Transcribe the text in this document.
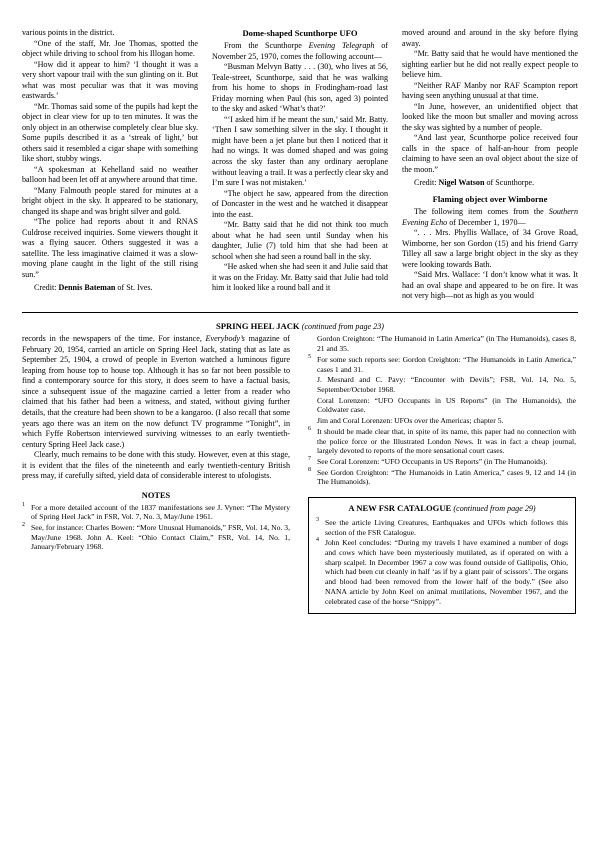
various points in the district.

“One of the staff, Mr. Joe Thomas, spotted the object while driving to school from his Illogan home.

“How did it appear to him? ‘I thought it was a very short vapour trail with the sun glinting on it. But what was most peculiar was that it was moving eastwards.’

“Mr. Thomas said some of the pupils had kept the object in clear view for up to ten minutes. It was the only object in an otherwise completely clear blue sky. Some pupils described it as a ‘streak of light,’ but others said it resembled a cigar shape with something like short, stubby wings.

“A spokesman at Kehelland said no weather balloon had been let off at anywhere around that time.

“Many Falmouth people stared for minutes at a bright object in the sky. It appeared to be stationary, changed its shape and was bright silver and gold.

“The police had reports about it and RNAS Culdrose received inquiries. Some viewers thought it was a flying saucer. Others suggested it was a satellite. The less imaginative claimed it was a slow-moving plane caught in the light of the still rising sun.”

Credit: Dennis Bateman of St. Ives.

Dome-shaped Scunthorpe UFO

From the Scunthorpe Evening Telegraph of November 25, 1970, comes the following account—

“Busman Melvyn Batty . . . (30), who lives at 56, Teale-street, Scunthorpe, said that he was walking from his home to shops in Frodingham-road last Friday morning when Paul (his son, aged 3) pointed to the sky and asked ‘What’s that?’

“‘I asked him if he meant the sun,’ said Mr. Batty. ‘Then I saw something silver in the sky. I thought it might have been a jet plane but then I noticed that it had no wings. It was domed shaped and was going across the sky faster than any ordinary aeroplane without leaving a trail. It was a perfectly clear sky and I’m sure I was not mistaken.’

“The object he saw, appeared from the direction of Doncaster in the west and he watched it disappear into the east.

“Mr. Batty said that he did not think too much about what he had seen until Sunday when his daughter, Julie (7) told him that she had been at school when she had seen a round ball in the sky.

“He asked when she had seen it and Julie said that it was on the Friday. Mr. Batty said that Julie had told him it looked like a round ball and it

moved around and around in the sky before flying away.

“Mr. Batty said that he would have mentioned the sighting earlier but he did not really expect people to believe him.

“Neither RAF Manby nor RAF Scampton report having seen anything unusual at that time.

“In June, however, an unidentified object that looked like the moon but smaller and moving across the sky was sighted by a number of people.

“And last year, Scunthorpe police received four calls in the space of half-an-hour from people claiming to have seen an oval object about the size of the moon.”

Credit: Nigel Watson of Scunthorpe.

Flaming object over Wimborne

The following item comes from the Southern Evening Echo of December 1, 1970—

“. . . Mrs. Phyllis Wallace, of 34 Grove Road, Wimborne, her son Gordon (15) and his friend Garry Tilley all saw a large bright object in the sky as they were looking towards Bath.

“Said Mrs. Wallace: ‘I don’t know what it was. It had an oval shape and appeared to be on fire. It was not very high—not as high as you would

SPRING HEEL JACK (continued from page 23)

records in the newspapers of the time. For instance, Everybody’s magazine of February 20, 1954, carried an article on Spring Heel Jack, stating that as late as September 25, 1904, a crowd of people in Everton watched a luminous figure leaping from house top to house top. Although it has so far not been possible to find a contemporary source for this story, it does seem to have a factual basis, since a subsequent issue of the magazine carried a letter from a reader who claimed that his father had been a witness, and stated, without giving further details, that the creature had been shown to be a kangaroo. (I also recall that some years ago there was an item on the now defunct TV programme “Tonight”, in which Fyffe Robertson interviewed surviving witnesses to an early twentieth-century Spring Heel Jack case.)

Clearly, much remains to be done with this study. However, even at this stage, it is evident that the files of the nineteenth and early twentieth-century British press may, if carefully sifted, yield data of considerable interest to ufologists.

NOTES
1 For a more detailed account of the 1837 manifestations see J. Vyner: “The Mystery of Spring Heel Jack” in FSR, Vol. 7, No. 3, May/June 1961.
2 See, for instance: Charles Bowen: “More Unusual Humanoids,” FSR, Vol. 14, No. 3, May/June 1968. John A. Keel: “Ohio Contact Claim,” FSR, Vol. 14, No. 1, January/February 1968.
Gordon Creighton: “The Humanoid in Latin America” (in The Humanoids), cases 8, 21 and 35.
5 For some such reports see: Gordon Creighton: “The Humanoids in Latin America,” cases 1 and 31.
J. Mesnard and C. Pavy: “Encounter with Devils”; FSR, Vol. 14, No. 5, September/October 1968.
Coral Lorenzen: “UFO Occupants in US Reports” (in The Humanoids), the Coldwater case.
Jim and Coral Lorenzen: UFOs over the Americas; chapter 5.
6 It should be made clear that, in spite of its name, this paper had no connection with the police force or the Illustrated London News. It was in fact a cheap journal, largely devoted to reports of the more sensational court cases.
7 See Coral Lorenzen: “UFO Occupants in US Reports” (in The Humanoids).
8 See Gordon Creighton: “The Humanoids in Latin America,” cases 9, 12 and 14 (in The Humanoids).
A NEW FSR CATALOGUE (continued from page 29)
3 See the article Living Creatures, Earthquakes and UFOs which follows this section of the FSR Catalogue.
4 John Keel concludes: “During my travels I have examined a number of dogs and cows which have been mysteriously mutilated, as if operated on with a sharp scalpel. In December 1967 a cow was found outside of Gallipolis, Ohio, which had been cut cleanly in half ‘as if by a giant pair of scissors’. The organs and blood had been removed from the lower half of the body.” (See also NANA article by John Keel on animal mutilations, November 1967, and the celebrated case of the horse “Snippy”.
